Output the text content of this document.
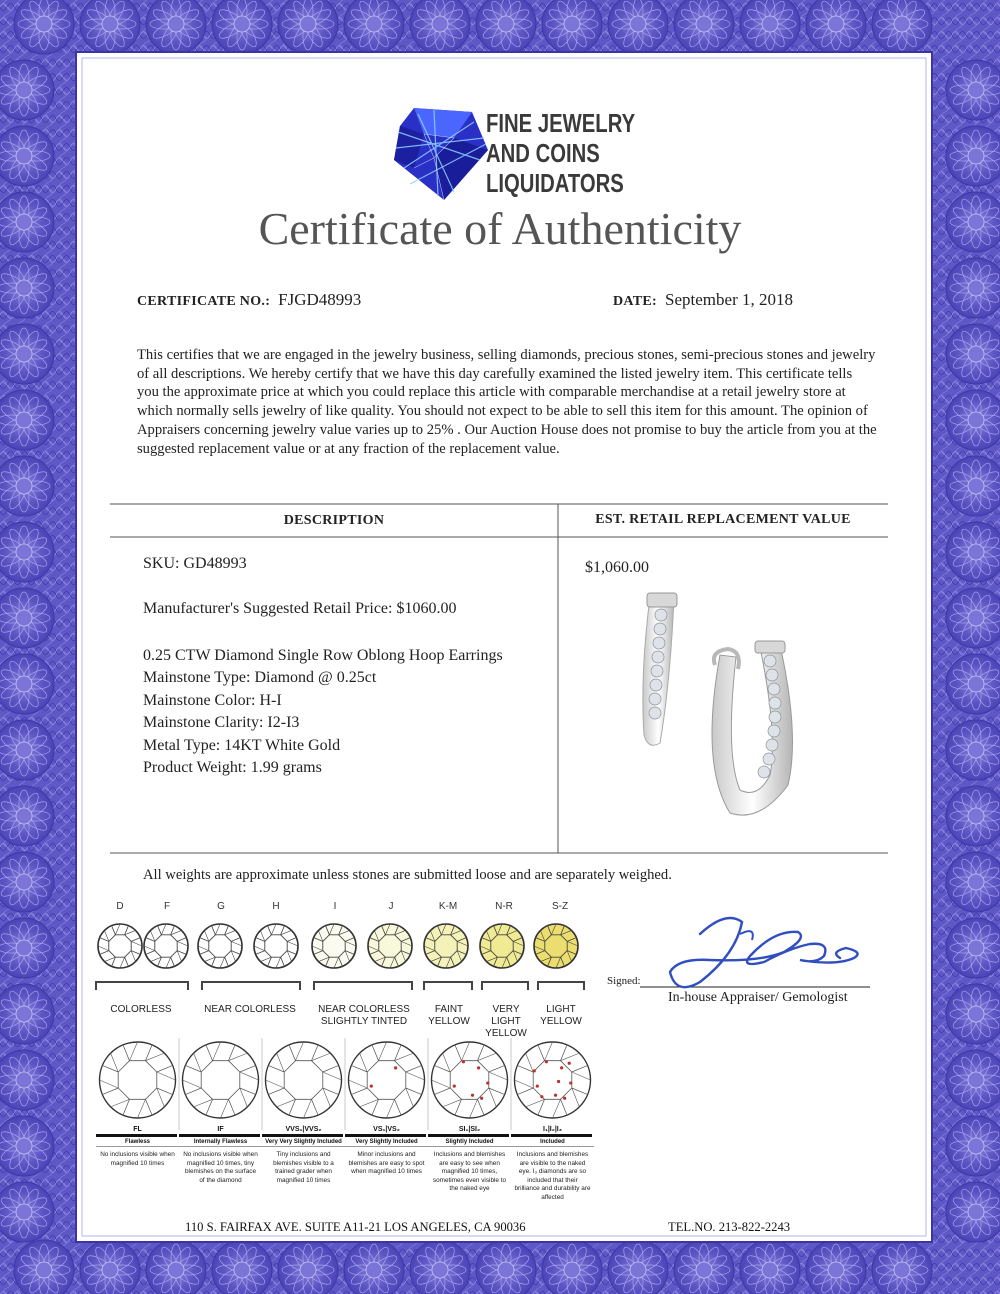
FINE JEWELRY
AND COINS
LIQUIDATORS
Certificate of Authenticity
CERTIFICATE NO.: FJGD48993	DATE: September 1, 2018
This certifies that we are engaged in the jewelry business, selling diamonds, precious stones, semi-precious stones and jewelry of all descriptions. We hereby certify that we have this day carefully examined the listed jewelry item. This certificate tells you the approximate price at which you could replace this article with comparable merchandise at a retail jewelry store at which normally sells jewelry of like quality. You should not expect to be able to sell this item for this amount. The opinion of Appraisers concerning jewelry value varies up to 25% . Our Auction House does not promise to buy the article from you at the suggested replacement value or at any fraction of the replacement value.
DESCRIPTION	EST. RETAIL REPLACEMENT VALUE
SKU: GD48993
Manufacturer's Suggested Retail Price: $1060.00
0.25 CTW Diamond Single Row Oblong Hoop Earrings
Mainstone Type: Diamond @ 0.25ct
Mainstone Color: H-I
Mainstone Clarity: I2-I3
Metal Type: 14KT White Gold
Product Weight: 1.99 grams
$1,060.00
All weights are approximate unless stones are submitted loose and are separately weighed.
D	F	G	H	I	J	K-M	N-R	S-Z
COLORLESS	NEAR COLORLESS	NEAR COLORLESS
SLIGHTLY TINTED
FAINT
YELLOW
VERY LIGHT
YELLOW
LIGHT
YELLOW
FL
Flawless
No inclusions visible when magnified 10 times
IF
Internally Flawless
No inclusions visible when magnified 10 times, tiny blemishes on the surface of the diamond
VVS₁|VVS₂
Very Very Slightly Included
Tiny inclusions and blemishes visible to a trained grader when magnified 10 times
VS₁|VS₂
Very Slightly Included
Minor inclusions and blemishes are easy to spot when magnified 10 times
SI₁|SI₂
Slightly Included
Inclusions and blemishes are easy to see when magnified 10 times, sometimes even visible to the naked eye
I₁|I₂|I₃
Included
Inclusions and blemishes are visible to the naked eye. I₃ diamonds are so included that their brilliance and durability are affected
Signed:
In-house Appraiser/ Gemologist
110 S. FAIRFAX AVE. SUITE A11-21 LOS ANGELES, CA 90036	TEL.NO. 213-822-2243
